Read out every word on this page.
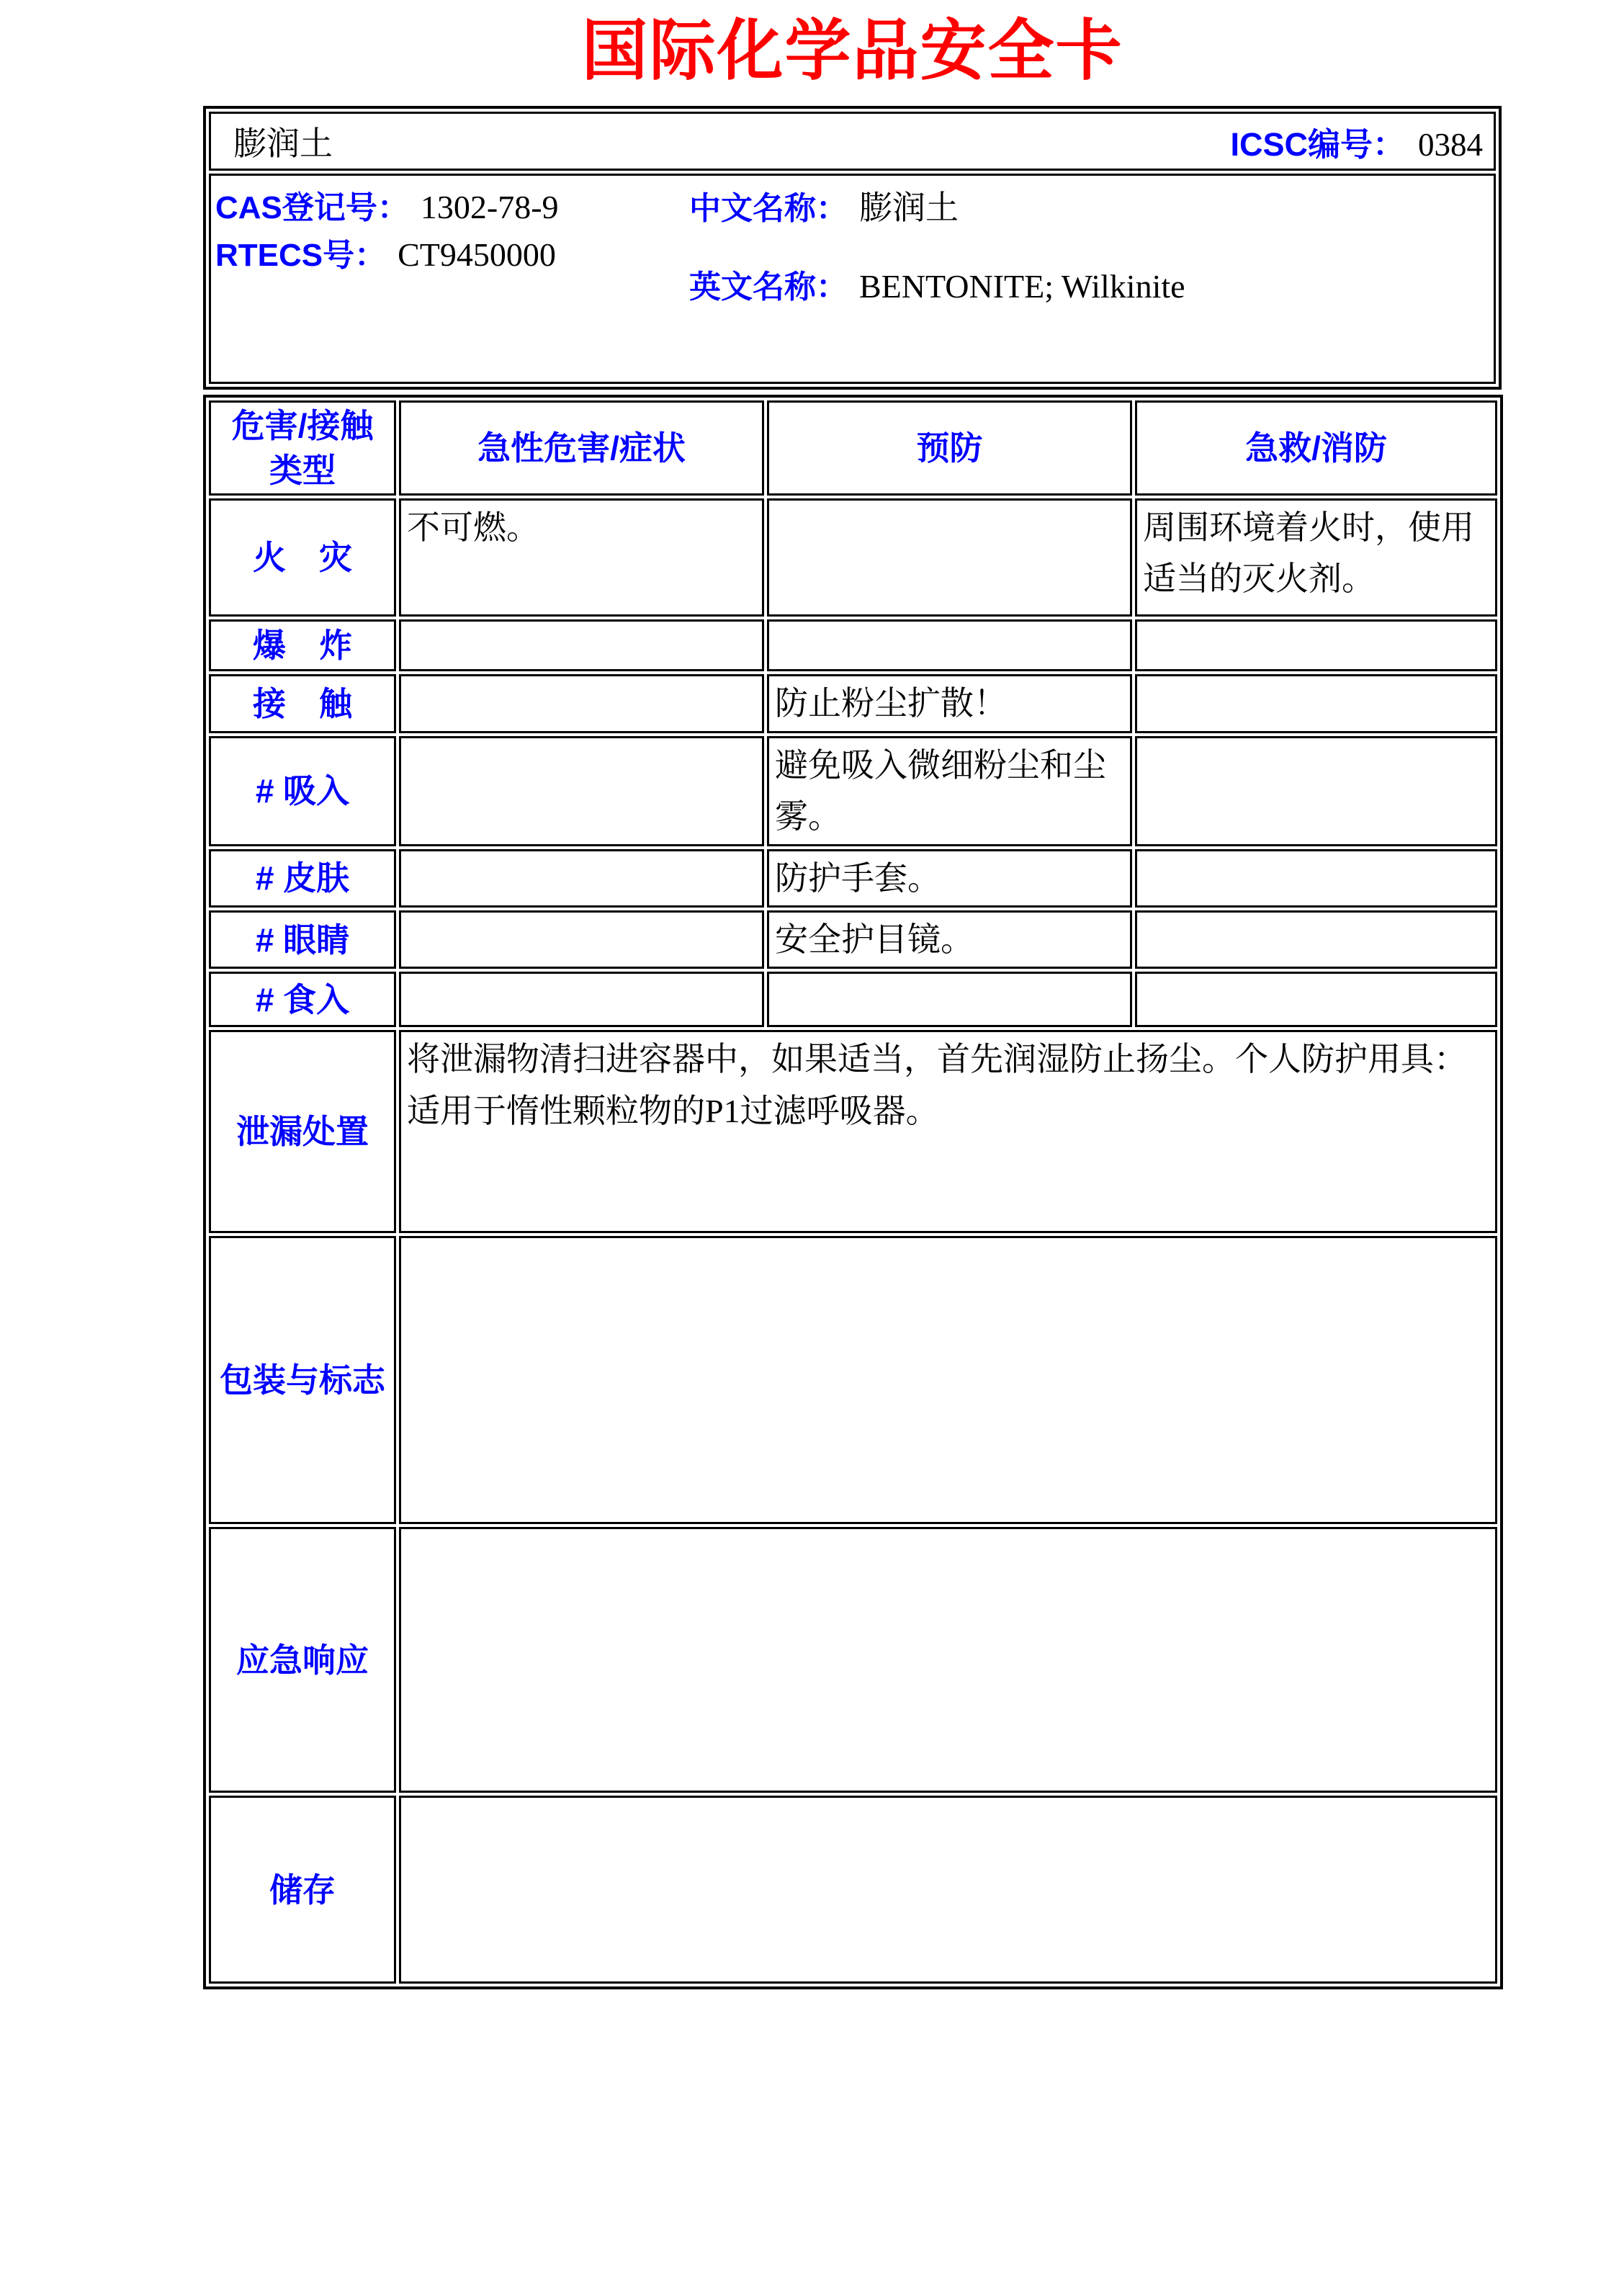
国际化学品安全卡
膨润土	ICSC编号： 0384

CAS登记号： 1302-78-9
RTECS号： CT9450000
中文名称： 膨润土
英文名称： BENTONITE; Wilkinite
危害/接触
类型	急性危害/症状	预防	急救/消防
火　灾	不可燃。		周围环境着火时，使用适当的灭火剂。
爆　炸			
接　触		防止粉尘扩散！	
# 吸入		避免吸入微细粉尘和尘雾。	
# 皮肤		防护手套。	
# 眼睛		安全护目镜。	
# 食入			
泄漏处置	将泄漏物清扫进容器中，如果适当，首先润湿防止扬尘。个人防护用具：适用于惰性颗粒物的P1过滤呼吸器。		
包装与标志			
应急响应			
储存			
